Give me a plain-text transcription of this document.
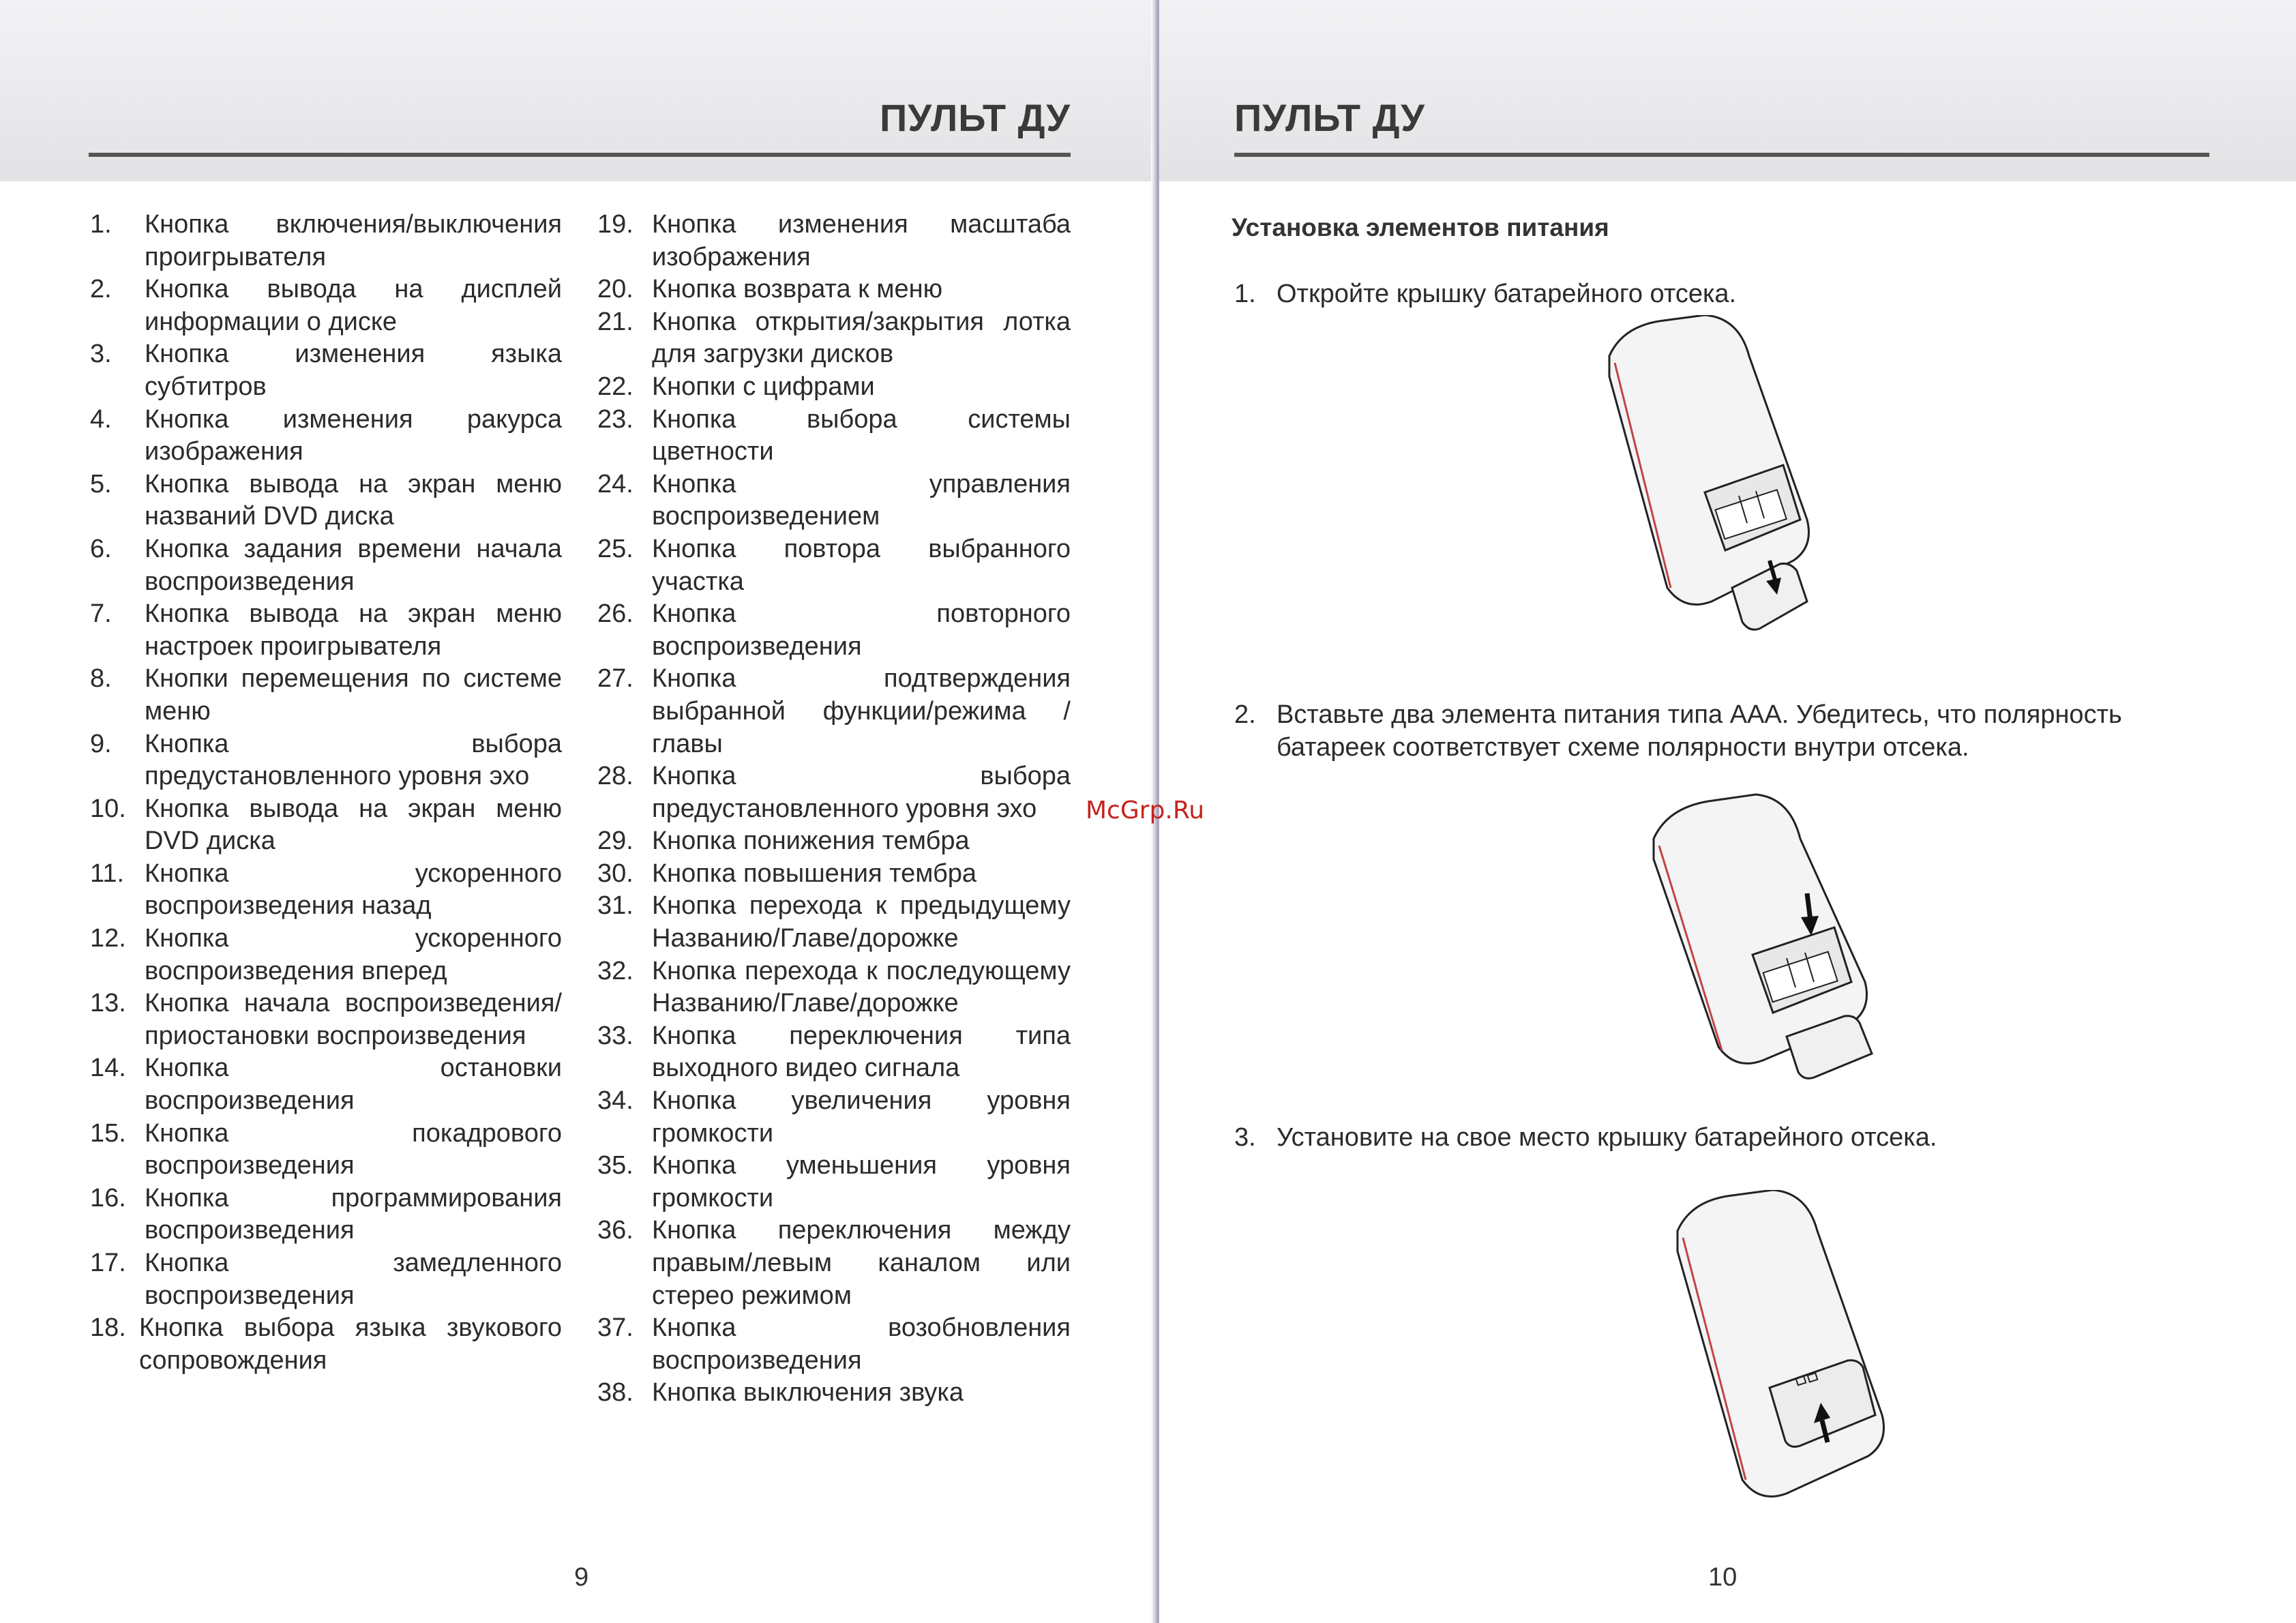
ПУЛЬТ ДУ
1.	Кнопка включения/выключения проигрывателя
2.	Кнопка вывода на дисплей информации о диске
3.	Кнопка изменения языка субтитров
4.	Кнопка изменения ракурса изображения
5.	Кнопка вывода на экран меню названий DVD диска
6.	Кнопка задания времени начала воспроизведения
7.	Кнопка вывода на экран меню настроек проигрывателя
8.	Кнопки перемещения по системе меню
9.	Кнопка выбора предустановленного уровня эхо
10. Кнопка вывода на экран меню DVD диска
11. Кнопка ускоренного воспроизведения назад
12. Кнопка ускоренного воспроизведения вперед
13. Кнопка начала воспроизведения/приостановки воспроизведения
14. Кнопка остановки воспроизведения
15. Кнопка покадрового воспроизведения
16. Кнопка программирования воспроизведения
17. Кнопка замедленного воспроизведения
18. Кнопка выбора языка звукового сопровождения
19. Кнопка изменения масштаба изображения
20. Кнопка возврата к меню
21. Кнопка открытия/закрытия лотка для загрузки дисков
22. Кнопки с цифрами
23. Кнопка выбора системы цветности
24. Кнопка управления воспроизведением
25. Кнопка повтора выбранного участка
26. Кнопка повторного воспроизведения
27. Кнопка подтверждения выбранной функции/режима / главы
28. Кнопка выбора предустановленного уровня эхо
29. Кнопка понижения тембра
30. Кнопка повышения тембра
31. Кнопка перехода к предыдущему Названию/Главе/дорожке
32. Кнопка перехода к последующему Названию/Главе/дорожке
33. Кнопка переключения типа выходного видео сигнала
34. Кнопка увеличения уровня громкости
35. Кнопка уменьшения уровня громкости
36. Кнопка переключения между правым/левым каналом или стерео режимом
37. Кнопка возобновления воспроизведения
38. Кнопка выключения звука
9
ПУЛЬТ ДУ
Установка элементов питания
1. Откройте крышку батарейного отсека.
2. Вставьте два элемента питания типа ААА. Убедитесь, что полярность батареек соответствует схеме полярности внутри отсека.
3. Установите на свое место крышку батарейного отсека.
10
McGrp.Ru
